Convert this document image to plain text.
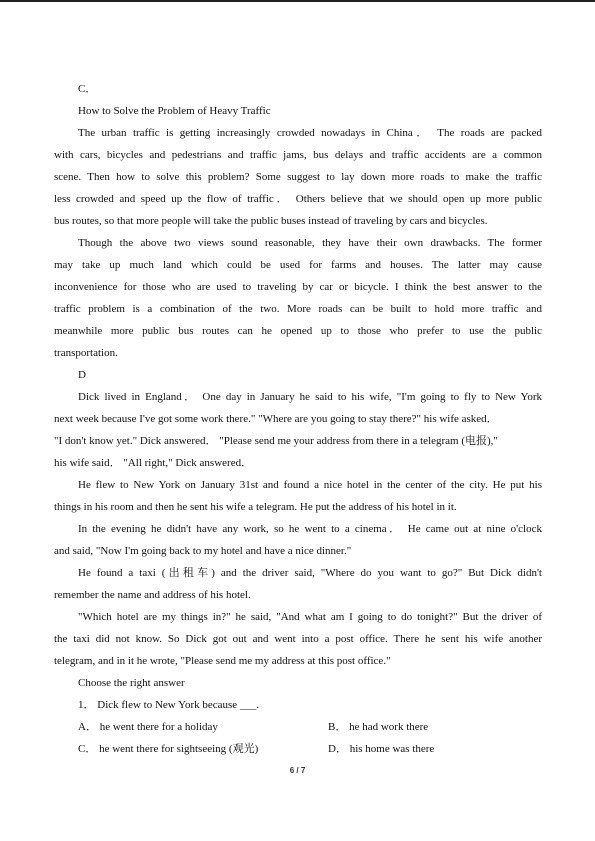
C．
How to Solve the Problem of Heavy Traffic
The urban traffic is getting increasingly crowded nowadays in China． The roads are packed
with cars, bicycles and pedestrians and traffic jams, bus delays and traffic accidents are a common
scene. Then how to solve this problem? Some suggest to lay down more roads to make the traffic
less crowded and speed up the flow of traffic． Others believe that we should open up more public
bus routes, so that more people will take the public buses instead of traveling by cars and bicycles.
Though the above two views sound reasonable, they have their own drawbacks. The former
may take up much land which could be used for farms and houses. The latter may cause
inconvenience for those who are used to traveling by car or bicycle. I think the best answer to the
traffic problem is a combination of the two. More roads can be built to hold more traffic and
meanwhile more public bus routes can he opened up to those who prefer to use the public
transportation.
D
Dick lived in England． One day in January he said to his wife, "I'm going to fly to New York
next week because I've got some work there." "Where are you going to stay there?" his wife asked．
"I don't know yet." Dick answered． "Please send me your address from there in a telegram (电报),"
his wife said． "All right," Dick answered．
He flew to New York on January 31st and found a nice hotel in the center of the city. He put his
things in his room and then he sent his wife a telegram. He put the address of his hotel in it.
In the evening he didn't have any work, so he went to a cinema． He came out at nine o'clock
and said, "Now I'm going back to my hotel and have a nice dinner."
He found a taxi (出租车) and the driver said, "Where do you want to go?" But Dick didn't
remember the name and address of his hotel.
"Which hotel are my things in?" he said, "And what am I going to do tonight?" But the driver of
the taxi did not know. So Dick got out and went into a post office. There he sent his wife another
telegram, and in it he wrote, "Please send me my address at this post office."
Choose the right answer
1． Dick flew to New York because ___.
A． he went there for a holiday	B． he had work there
C． he went there for sightseeing (观光)	D． his home was there
6 / 7
